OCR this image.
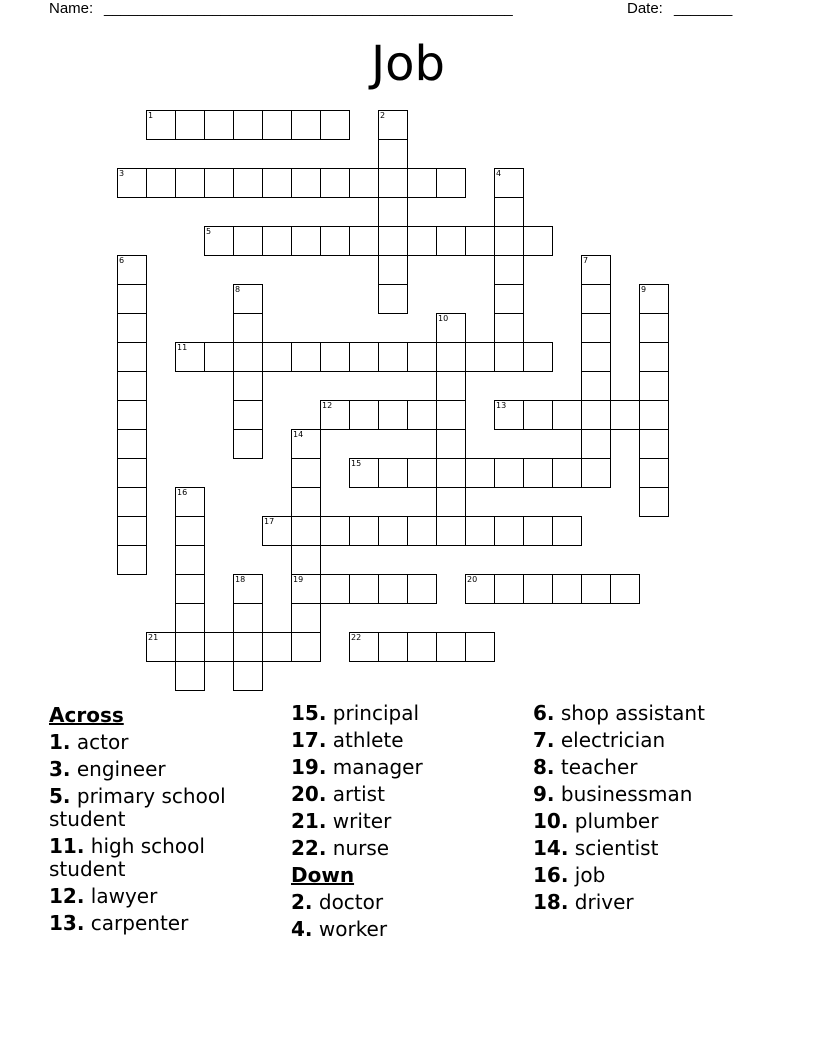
Name: _________________________________________________	Date: _______
Job
1	2
3	4
5
6	7
8	9
10
11
12	13
14
15
16
17
18	19	20
21	22
Across
1. actor
3. engineer
5. primary school student
11. high school student
12. lawyer
13. carpenter
15. principal
17. athlete
19. manager
20. artist
21. writer
22. nurse
Down
2. doctor
4. worker
6. shop assistant
7. electrician
8. teacher
9. businessman
10. plumber
14. scientist
16. job
18. driver
